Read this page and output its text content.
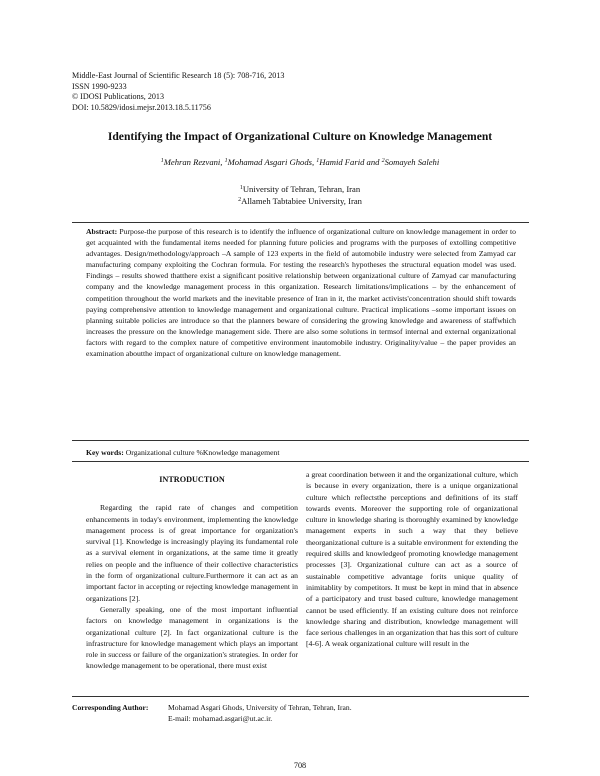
Middle-East Journal of Scientific Research 18 (5): 708-716, 2013
ISSN 1990-9233
© IDOSI Publications, 2013
DOI: 10.5829/idosi.mejsr.2013.18.5.11756
Identifying the Impact of Organizational Culture on Knowledge Management
$^1$Mehran Rezvani, $^1$Mohamad Asgari Ghods, $^1$Hamid Farid and $^2$Somayeh Salehi
$^1$University of Tehran, Tehran, Iran
$^2$Allameh Tabtabiee University, Iran
Abstract: Purpose-the purpose of this research is to identify the influence of organizational culture on knowledge management in order to get acquainted with the fundamental items needed for planning future policies and programs with the purposes of extolling competitive advantages. Design/methodology/approach –A sample of 123 experts in the field of automobile industry were selected from Zamyad car manufacturing company exploiting the Cochran formula. For testing the research's hypotheses the structural equation model was used. Findings – results showed thatthere exist a significant positive relationship between organizational culture of Zamyad car manufacturing company and the knowledge management process in this organization. Research limitations/implications – by the enhancement of competition throughout the world markets and the inevitable presence of Iran in it, the market activists'concentration should shift towards paying comprehensive attention to knowledge management and organizational culture. Practical implications –some important issues on planning suitable policies are introduce so that the planners beware of considering the growing knowledge and awareness of staffwhich increases the pressure on the knowledge management side. There are also some solutions in termsof internal and external organizational factors with regard to the complex nature of competitive environment inautomobile industry. Originality/value – the paper provides an examination aboutthe impact of organizational culture on knowledge management.
Key words: Organizational culture %Knowledge management
INTRODUCTION

Regarding the rapid rate of changes and competition enhancements in today's environment, implementing the knowledge management process is of great importance for organization's survival [1]. Knowledge is increasingly playing its fundamental role as a survival element in organizations, at the same time it greatly relies on people and the influence of their collective characteristics in the form of organizational culture.Furthermore it can act as an important factor in accepting or rejecting knowledge management in organizations [2].

Generally speaking, one of the most important influential factors on knowledge management in organizations is the organizational culture [2]. In fact organizational culture is the infrastructure for knowledge management which plays an important role in success or failure of the organization's strategies. In order for knowledge management to be operational, there must exist

a great coordination between it and the organizational culture, which is because in every organization, there is a unique organizational culture which reflectsthe perceptions and definitions of its staff towards events. Moreover the supporting role of organizational culture in knowledge sharing is thoroughly examined by knowledge management experts in such a way that they believe theorganizational culture is a suitable environment for extending the required skills and knowledgeof promoting knowledge management processes [3]. Organizational culture can act as a source of sustainable competitive advantage forits unique quality of inimitablity by competitors. It must be kept in mind that in absence of a participatory and trust based culture, knowledge management cannot be used efficiently. If an existing culture does not reinforce knowledge sharing and distribution, knowledge management will face serious challenges in an organization that has this sort of culture [4-6]. A weak organizational culture will result in the

Corresponding Author:	Mohamad Asgari Ghods, University of Tehran, Tehran, Iran.
E-mail: mohamad.asgari@ut.ac.ir.
708
